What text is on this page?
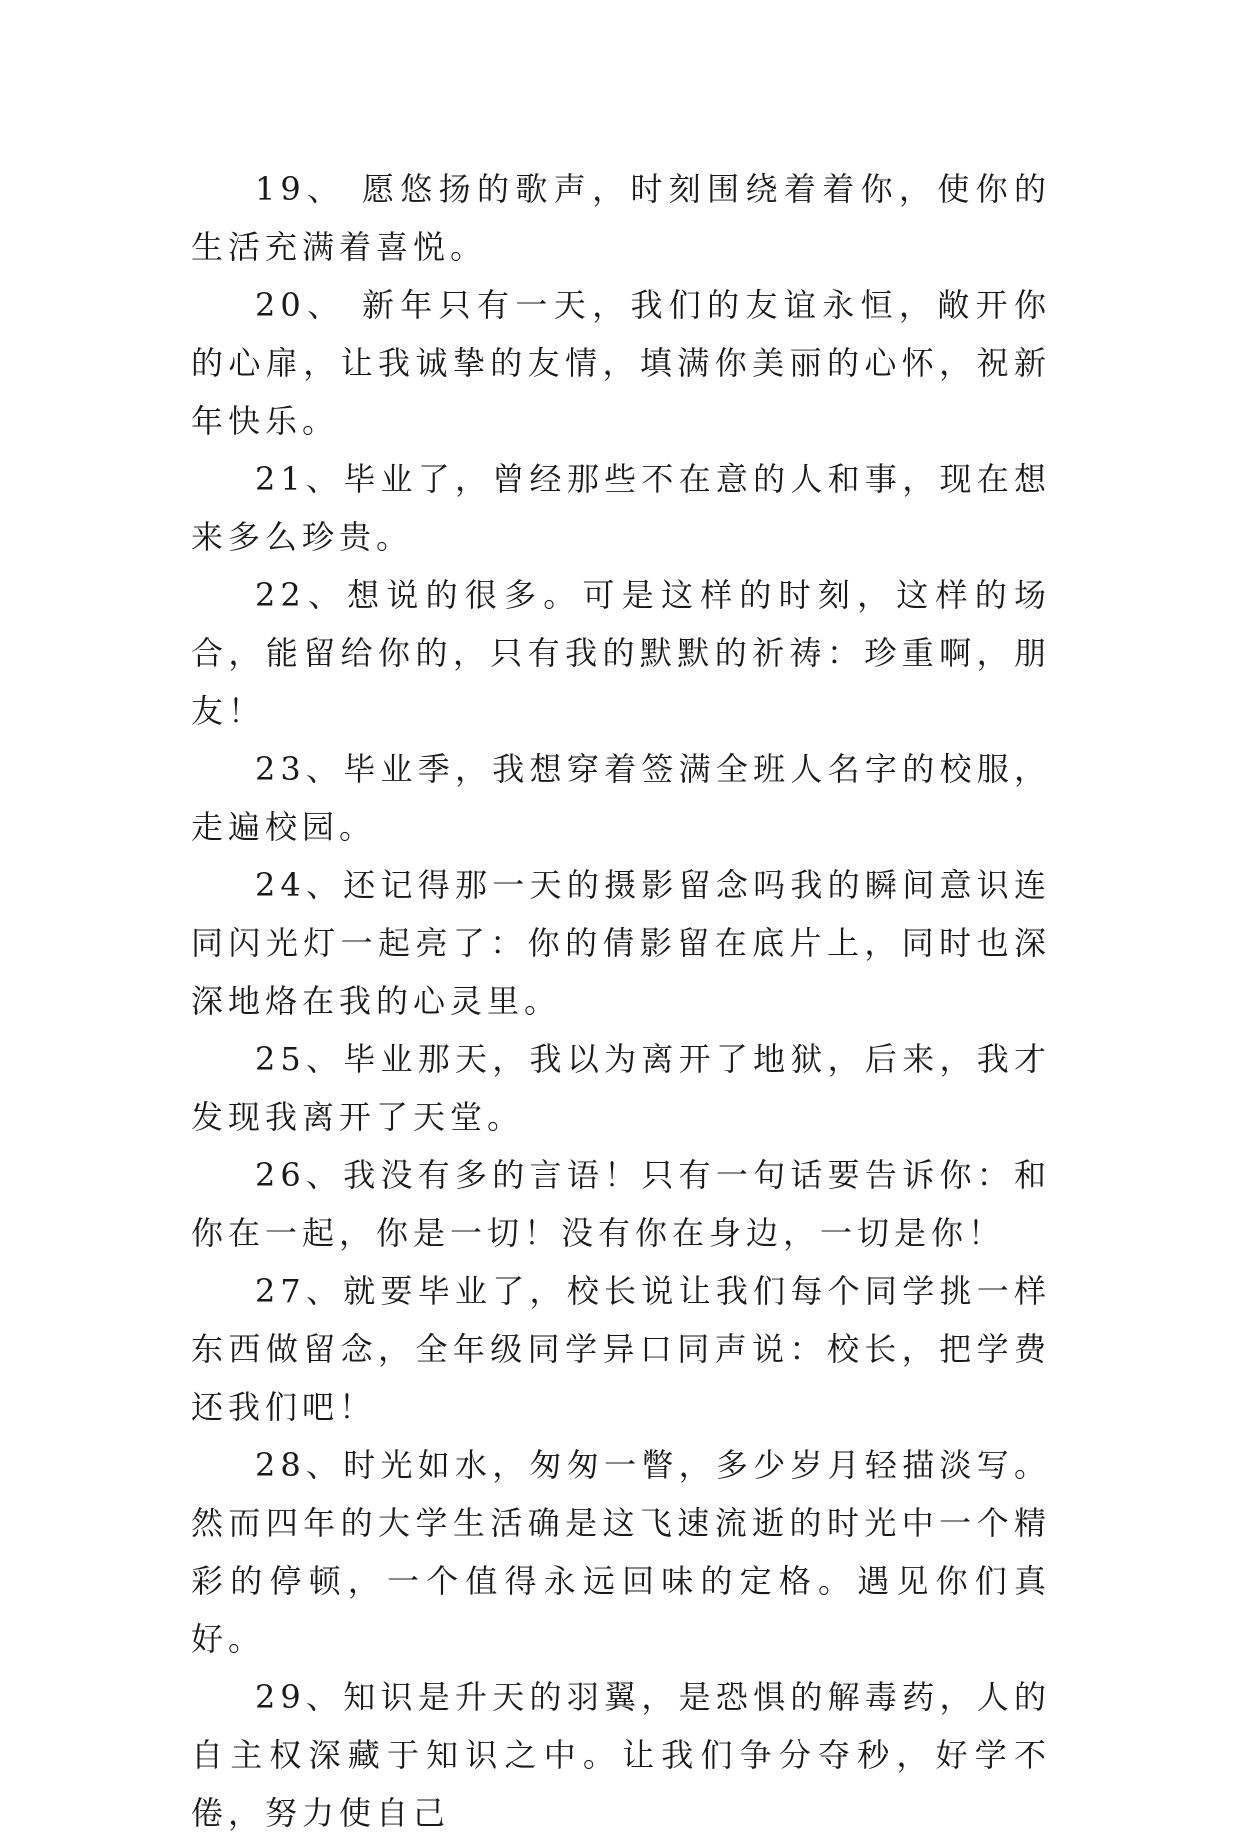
19、 愿悠扬的歌声，时刻围绕着着你，使你的生活充满着喜悦。

20、 新年只有一天，我们的友谊永恒，敞开你的心扉，让我诚挚的友情，填满你美丽的心怀，祝新年快乐。

21、毕业了，曾经那些不在意的人和事，现在想来多么珍贵。

22、想说的很多。可是这样的时刻，这样的场合，能留给你的，只有我的默默的祈祷：珍重啊，朋友！

23、毕业季，我想穿着签满全班人名字的校服，走遍校园。

24、还记得那一天的摄影留念吗我的瞬间意识连同闪光灯一起亮了：你的倩影留在底片上，同时也深深地烙在我的心灵里。

25、毕业那天，我以为离开了地狱，后来，我才发现我离开了天堂。

26、我没有多的言语！只有一句话要告诉你：和你在一起，你是一切！没有你在身边，一切是你！

27、就要毕业了，校长说让我们每个同学挑一样东西做留念，全年级同学异口同声说：校长，把学费还我们吧！

28、时光如水，匆匆一瞥，多少岁月轻描淡写。然而四年的大学生活确是这飞速流逝的时光中一个精彩的停顿，一个值得永远回味的定格。遇见你们真好。

29、知识是升天的羽翼，是恐惧的解毒药，人的自主权深藏于知识之中。让我们争分夺秒，好学不倦，努力使自己
